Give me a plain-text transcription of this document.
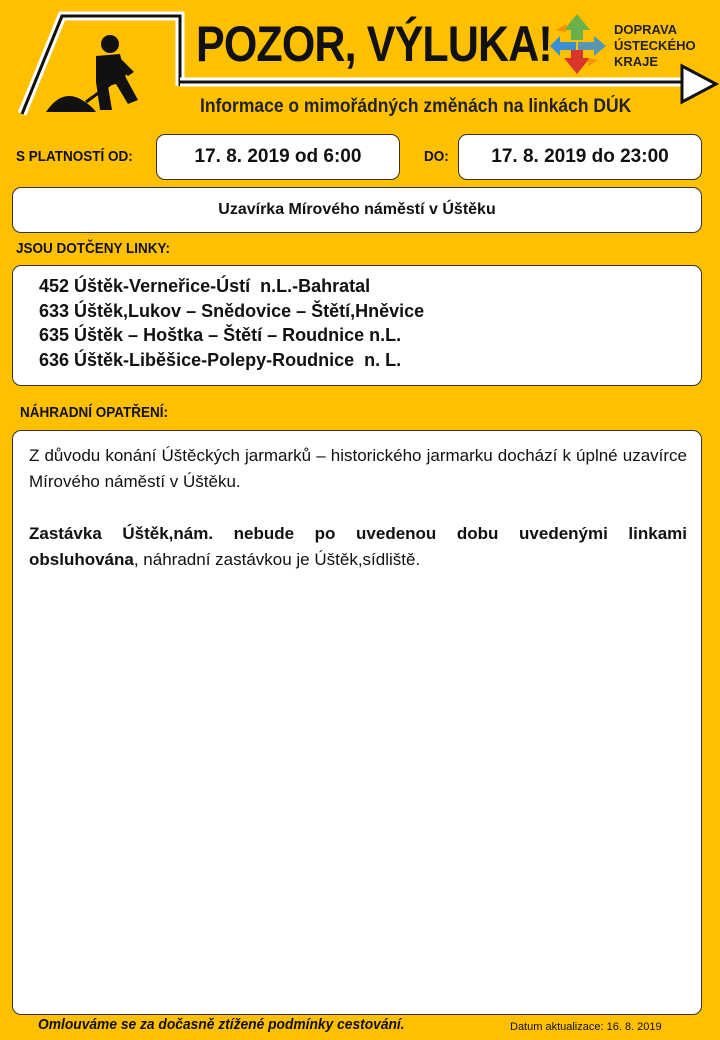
POZOR, VÝLUKA!
Informace o mimořádných změnách na linkách DÚK
DOPRAVA
ÚSTECKÉHO
KRAJE
S PLATNOSTÍ OD:	17. 8. 2019 od 6:00	DO:	17. 8. 2019 do 23:00
Uzavírka Mírového náměstí v Úštěku
JSOU DOTČENY LINKY:
452 Úštěk-Verneřice-Ústí  n.L.-Bahratal
633 Úštěk,Lukov – Snědovice – Štětí,Hněvice
635 Úštěk – Hoštka – Štětí – Roudnice n.L.
636 Úštěk-Liběšice-Polepy-Roudnice  n. L.
NÁHRADNÍ OPATŘENÍ:

Z důvodu konání Úštěckých jarmarků – historického jarmarku dochází k úplné uzavírce Mírového náměstí v Úštěku.

Zastávka Úštěk,nám. nebude po uvedenou dobu uvedenými linkami obsluhována, náhradní zastávkou je Úštěk,sídliště.

Omlouváme se za dočasně ztížené podmínky cestování.	Datum aktualizace: 16. 8. 2019
